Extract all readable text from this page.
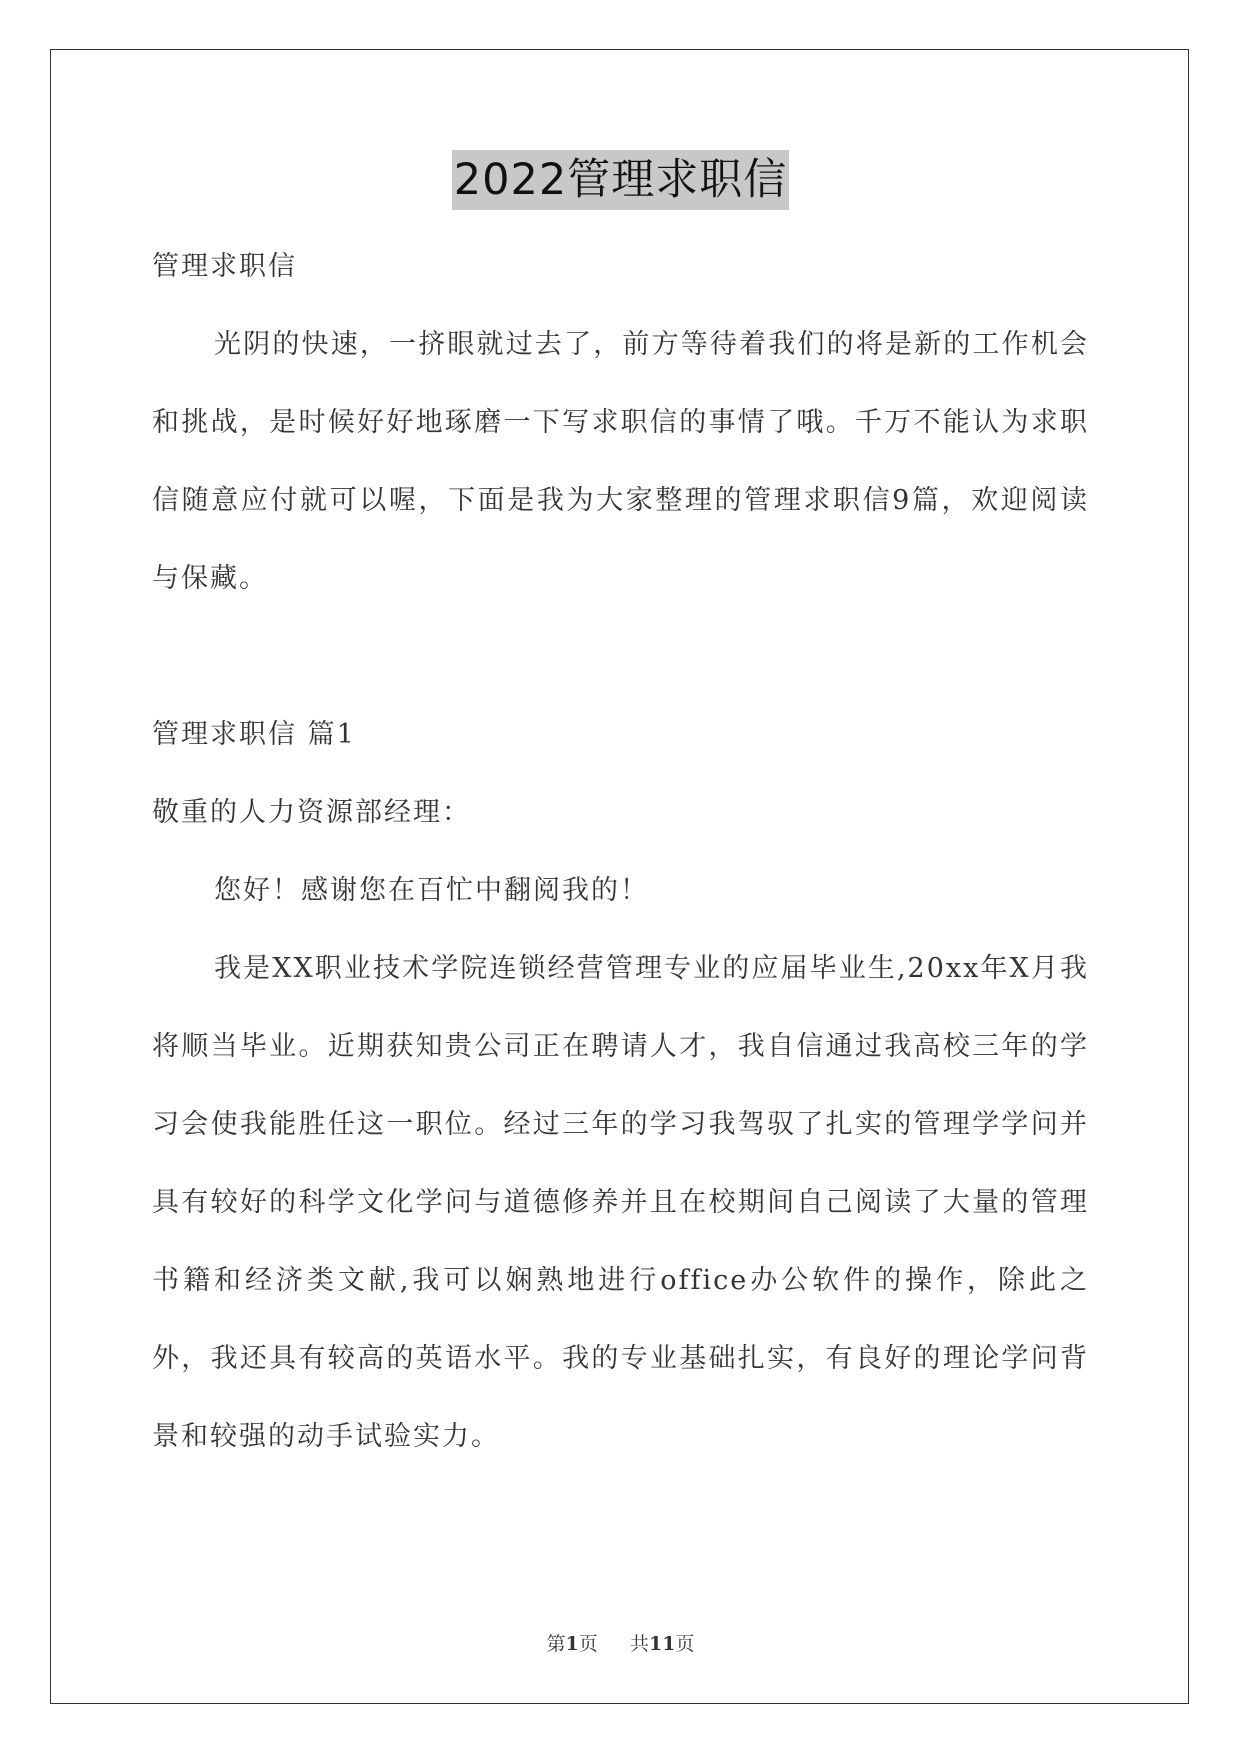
2022管理求职信

管理求职信

光阴的快速，一挤眼就过去了，前方等待着我们的将是新的工作机会和挑战，是时候好好地琢磨一下写求职信的事情了哦。千万不能认为求职信随意应付就可以喔，下面是我为大家整理的管理求职信9篇，欢迎阅读与保藏。

管理求职信 篇1

敬重的人力资源部经理：

您好！感谢您在百忙中翻阅我的！

我是XX职业技术学院连锁经营管理专业的应届毕业生,20xx年X月我将顺当毕业。近期获知贵公司正在聘请人才，我自信通过我高校三年的学习会使我能胜任这一职位。经过三年的学习我驾驭了扎实的管理学学问并具有较好的科学文化学问与道德修养并且在校期间自己阅读了大量的管理书籍和经济类文献,我可以娴熟地进行office办公软件的操作，除此之外，我还具有较高的英语水平。我的专业基础扎实，有良好的理论学问背景和较强的动手试验实力。

第1页 共11页
